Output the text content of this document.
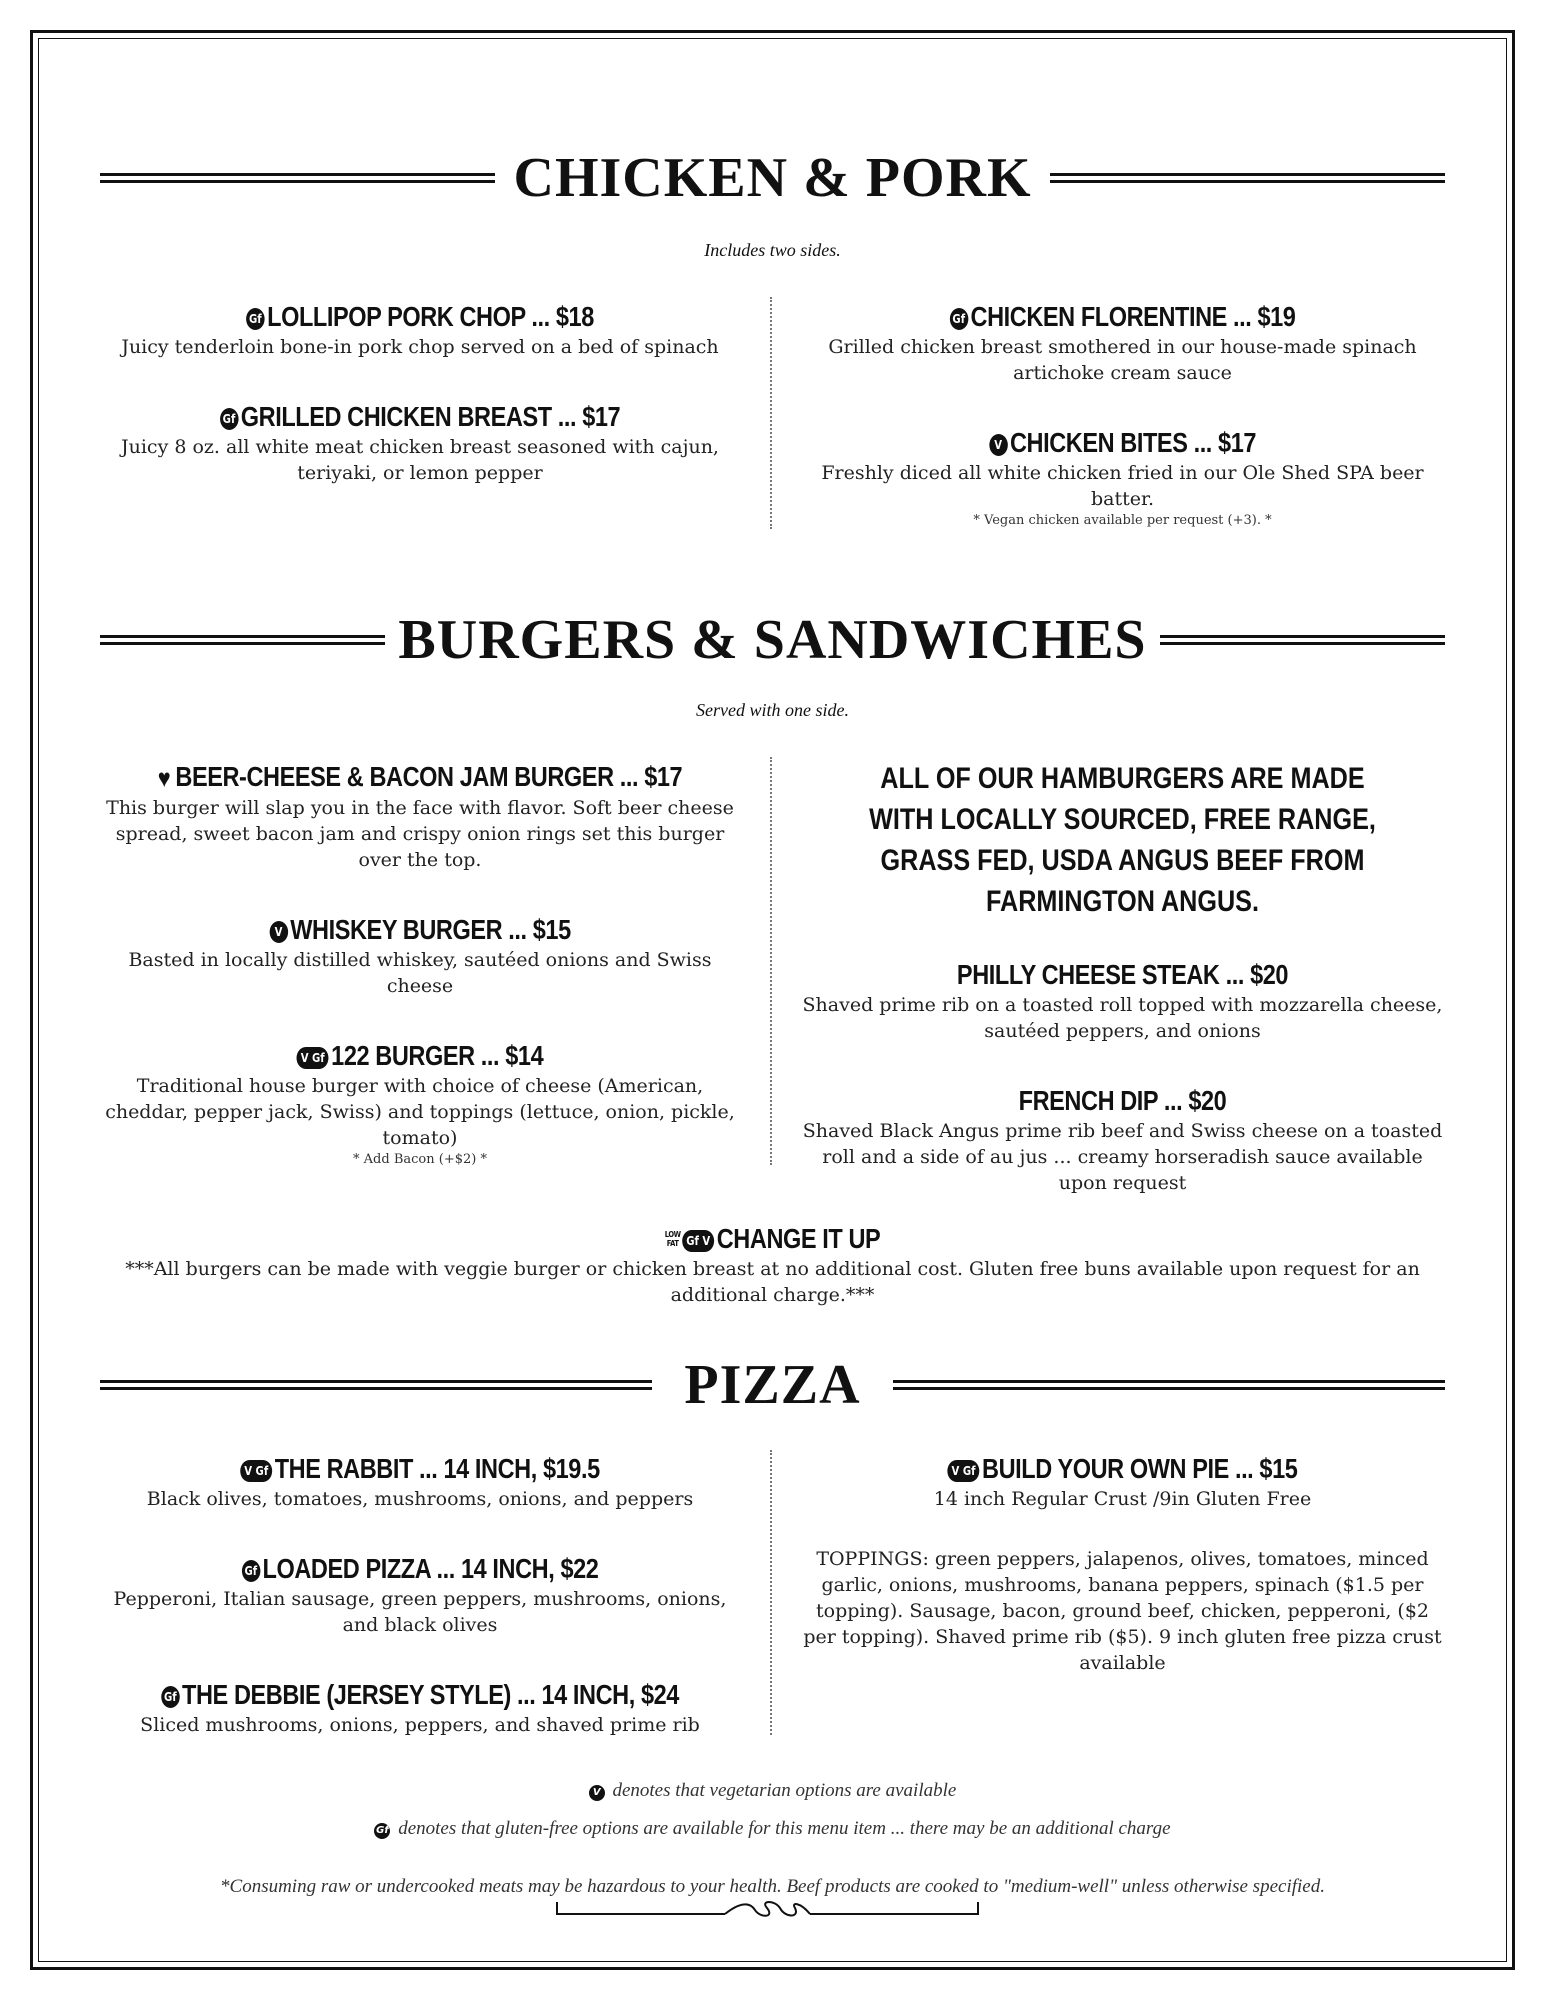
CHICKEN & PORK
Includes two sides.
Gf LOLLIPOP PORK CHOP ... $18
Juicy tenderloin bone-in pork chop served on a bed of spinach
Gf GRILLED CHICKEN BREAST ... $17
Juicy 8 oz. all white meat chicken breast seasoned with cajun, teriyaki, or lemon pepper
Gf CHICKEN FLORENTINE ... $19
Grilled chicken breast smothered in our house-made spinach artichoke cream sauce
V CHICKEN BITES ... $17
Freshly diced all white chicken fried in our Ole Shed SPA beer batter.
* Vegan chicken available per request (+3). *
BURGERS & SANDWICHES
Served with one side.
♥ BEER-CHEESE & BACON JAM BURGER ... $17
This burger will slap you in the face with flavor. Soft beer cheese spread, sweet bacon jam and crispy onion rings set this burger over the top.
V WHISKEY BURGER ... $15
Basted in locally distilled whiskey, sautéed onions and Swiss cheese
V Gf 122 BURGER ... $14
Traditional house burger with choice of cheese (American, cheddar, pepper jack, Swiss) and toppings (lettuce, onion, pickle, tomato)
* Add Bacon (+$2) *
ALL OF OUR HAMBURGERS ARE MADE WITH LOCALLY SOURCED, FREE RANGE, GRASS FED, USDA ANGUS BEEF FROM FARMINGTON ANGUS.
PHILLY CHEESE STEAK ... $20
Shaved prime rib on a toasted roll topped with mozzarella cheese, sautéed peppers, and onions
FRENCH DIP ... $20
Shaved Black Angus prime rib beef and Swiss cheese on a toasted roll and a side of au jus ... creamy horseradish sauce available upon request
LOW
FAT Gf V CHANGE IT UP
***All burgers can be made with veggie burger or chicken breast at no additional cost. Gluten free buns available upon request for an additional charge.***
PIZZA
V Gf THE RABBIT ... 14 INCH, $19.5
Black olives, tomatoes, mushrooms, onions, and peppers
Gf LOADED PIZZA ... 14 INCH, $22
Pepperoni, Italian sausage, green peppers, mushrooms, onions, and black olives
Gf THE DEBBIE (JERSEY STYLE) ... 14 INCH, $24
Sliced mushrooms, onions, peppers, and shaved prime rib
V Gf BUILD YOUR OWN PIE ... $15
14 inch Regular Crust /9in Gluten Free
TOPPINGS: green peppers, jalapenos, olives, tomatoes, minced garlic, onions, mushrooms, banana peppers, spinach ($1.5 per topping). Sausage, bacon, ground beef, chicken, pepperoni, ($2 per topping). Shaved prime rib ($5). 9 inch gluten free pizza crust available
V denotes that vegetarian options are available
Gf denotes that gluten-free options are available for this menu item ... there may be an additional charge
*Consuming raw or undercooked meats may be hazardous to your health. Beef products are cooked to "medium-well" unless otherwise specified.
